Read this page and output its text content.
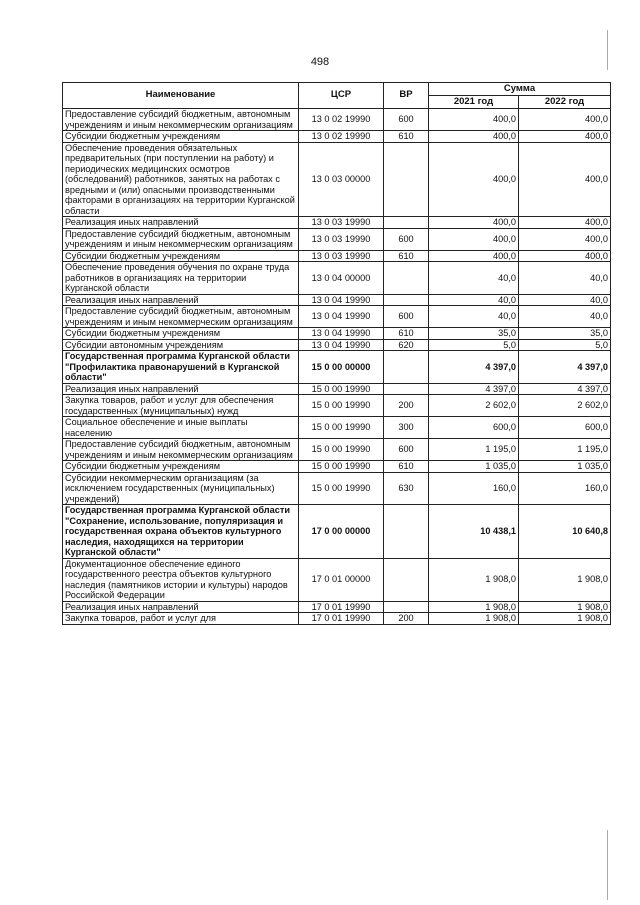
498
Наименование	ЦСР	ВР	Сумма	
			2021 год	2022 год
Предоставление субсидий бюджетным, автономным учреждениям и иным некоммерческим организациям	13 0 02 19990	600	400,0	400,0
Субсидии бюджетным учреждениям	13 0 02 19990	610	400,0	400,0
Обеспечение проведения обязательных предварительных (при поступлении на работу) и периодических медицинских осмотров (обследований) работников, занятых на работах с вредными и (или) опасными производственными факторами в организациях на территории Курганской области	13 0 03 00000		400,0	400,0
Реализация иных направлений	13 0 03 19990		400,0	400,0
Предоставление субсидий бюджетным, автономным учреждениям и иным некоммерческим организациям	13 0 03 19990	600	400,0	400,0
Субсидии бюджетным учреждениям	13 0 03 19990	610	400,0	400,0
Обеспечение проведения обучения по охране труда работников в организациях на территории Курганской области	13 0 04 00000		40,0	40,0
Реализация иных направлений	13 0 04 19990		40,0	40,0
Предоставление субсидий бюджетным, автономным учреждениям и иным некоммерческим организациям	13 0 04 19990	600	40,0	40,0
Субсидии бюджетным учреждениям	13 0 04 19990	610	35,0	35,0
Субсидии автономным учреждениям	13 0 04 19990	620	5,0	5,0
Государственная программа Курганской области "Профилактика правонарушений в Курганской области"	15 0 00 00000		4 397,0	4 397,0
Реализация иных направлений	15 0 00 19990		4 397,0	4 397,0
Закупка товаров, работ и услуг для обеспечения государственных (муниципальных) нужд	15 0 00 19990	200	2 602,0	2 602,0
Социальное обеспечение и иные выплаты населению	15 0 00 19990	300	600,0	600,0
Предоставление субсидий бюджетным, автономным учреждениям и иным некоммерческим организациям	15 0 00 19990	600	1 195,0	1 195,0
Субсидии бюджетным учреждениям	15 0 00 19990	610	1 035,0	1 035,0
Субсидии некоммерческим организациям (за исключением государственных (муниципальных) учреждений)	15 0 00 19990	630	160,0	160,0
Государственная программа Курганской области "Сохранение, использование, популяризация и государственная охрана объектов культурного наследия, находящихся на территории Курганской области"	17 0 00 00000		10 438,1	10 640,8
Документационное обеспечение единого государственного реестра объектов культурного наследия (памятников истории и культуры) народов Российской Федерации	17 0 01 00000		1 908,0	1 908,0
Реализация иных направлений	17 0 01 19990		1 908,0	1 908,0
Закупка товаров, работ и услуг для	17 0 01 19990	200	1 908,0	1 908,0
